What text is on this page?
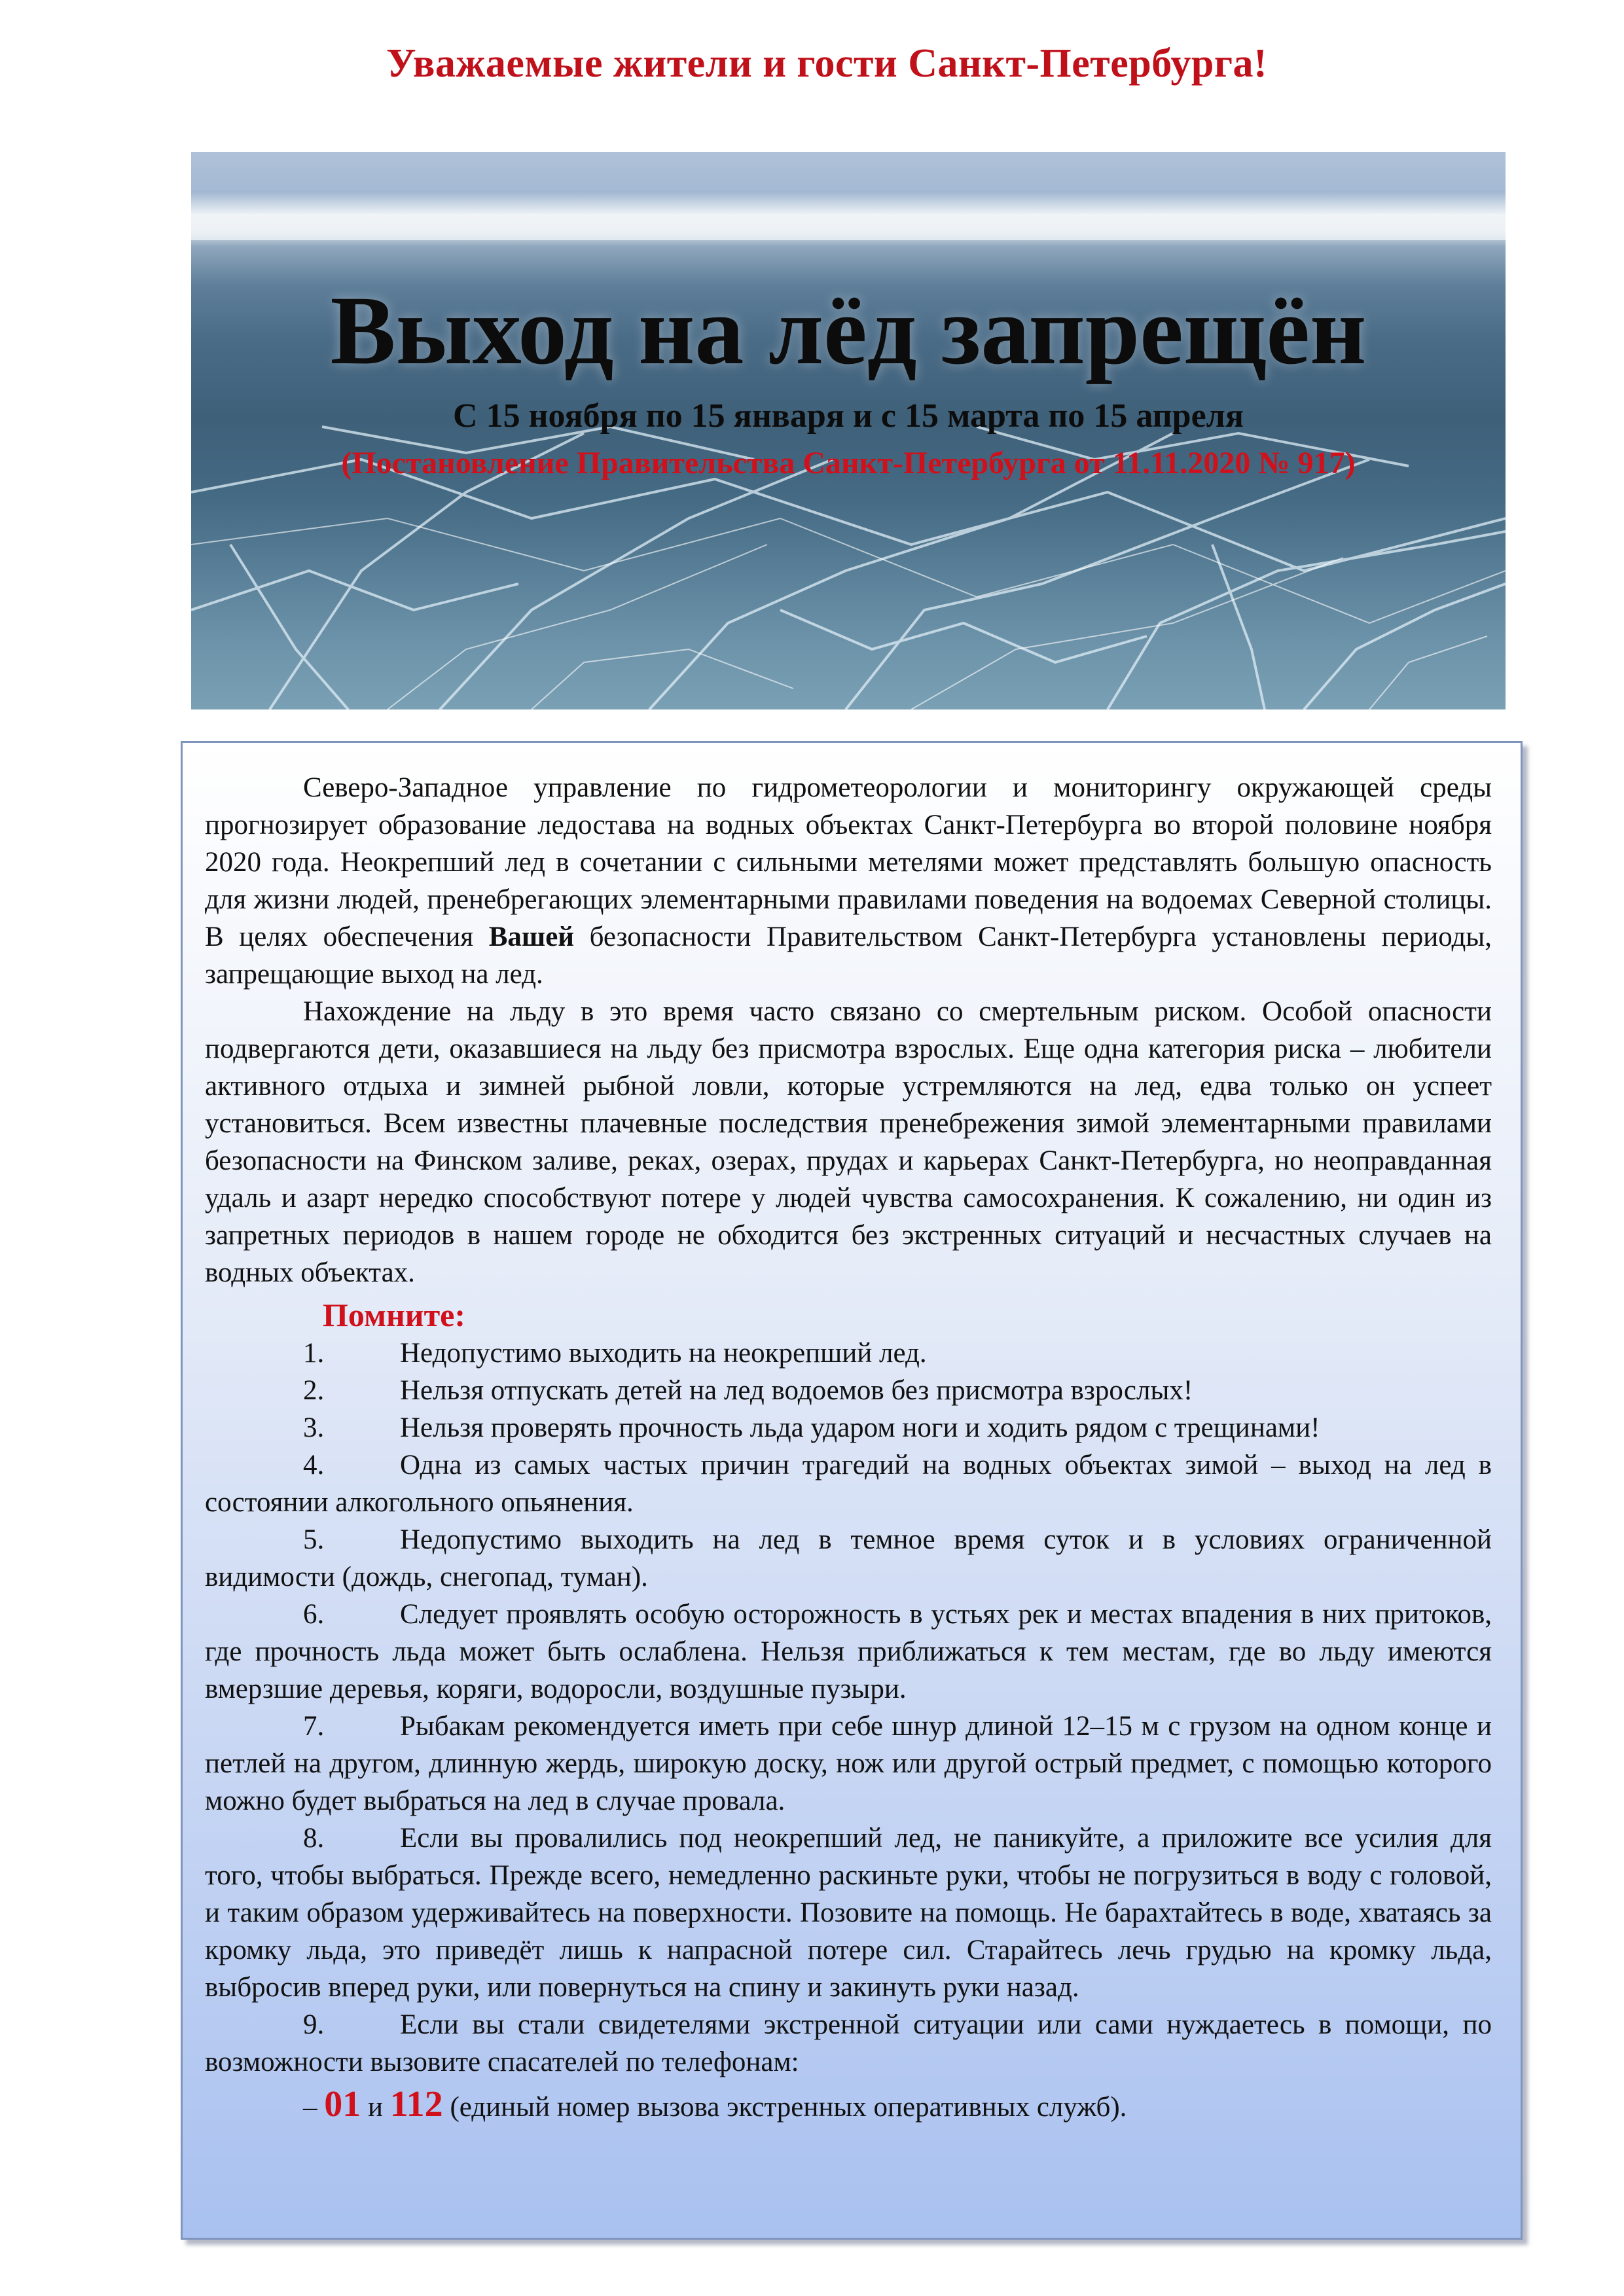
Уважаемые жители и гости Санкт-Петербурга!
Выход на лёд запрещён
С 15 ноября по 15 января и с 15 марта по 15 апреля
(Постановление Правительства Санкт-Петербурга от 11.11.2020 № 917)

Северо-Западное управление по гидрометеорологии и мониторингу окружающей среды прогнозирует образование ледостава на водных объектах Санкт-Петербурга во второй половине ноября 2020 года. Неокрепший лед в сочетании с сильными метелями может представлять большую опасность для жизни людей, пренебрегающих элементарными правилами поведения на водоемах Северной столицы. В целях обеспечения Вашей безопасности Правительством Санкт-Петербурга установлены периоды, запрещающие выход на лед.

Нахождение на льду в это время часто связано со смертельным риском. Особой опасности подвергаются дети, оказавшиеся на льду без присмотра взрослых. Еще одна категория риска – любители активного отдыха и зимней рыбной ловли, которые устремляются на лед, едва только он успеет установиться. Всем известны плачевные последствия пренебрежения зимой элементарными правилами безопасности на Финском заливе, реках, озерах, прудах и карьерах Санкт-Петербурга, но неоправданная удаль и азарт нередко способствуют потере у людей чувства самосохранения. К сожалению, ни один из запретных периодов в нашем городе не обходится без экстренных ситуаций и несчастных случаев на водных объектах.

Помните:

1.	Недопустимо выходить на неокрепший лед.

2.	Нельзя отпускать детей на лед водоемов без присмотра взрослых!

3.	Нельзя проверять прочность льда ударом ноги и ходить рядом с трещинами!

4.	Одна из самых частых причин трагедий на водных объектах зимой – выход на лед в состоянии алкогольного опьянения.

5.	Недопустимо выходить на лед в темное время суток и в условиях ограниченной видимости (дождь, снегопад, туман).

6.	Следует проявлять особую осторожность в устьях рек и местах впадения в них притоков, где прочность льда может быть ослаблена. Нельзя приближаться к тем местам, где во льду имеются вмерзшие деревья, коряги, водоросли, воздушные пузыри.

7.	Рыбакам рекомендуется иметь при себе шнур длиной 12–15 м с грузом на одном конце и петлей на другом, длинную жердь, широкую доску, нож или другой острый предмет, с помощью которого можно будет выбраться на лед в случае провала.

8.	Если вы провалились под неокрепший лед, не паникуйте, а приложите все усилия для того, чтобы выбраться. Прежде всего, немедленно раскиньте руки, чтобы не погрузиться в воду с головой, и таким образом удерживайтесь на поверхности. Позовите на помощь. Не барахтайтесь в воде, хватаясь за кромку льда, это приведёт лишь к напрасной потере сил. Старайтесь лечь грудью на кромку льда, выбросив вперед руки, или повернуться на спину и закинуть руки назад.

9.	Если вы стали свидетелями экстренной ситуации или сами нуждаетесь в помощи, по возможности вызовите спасателей по телефонам:

– 01 и 112 (единый номер вызова экстренных оперативных служб).
